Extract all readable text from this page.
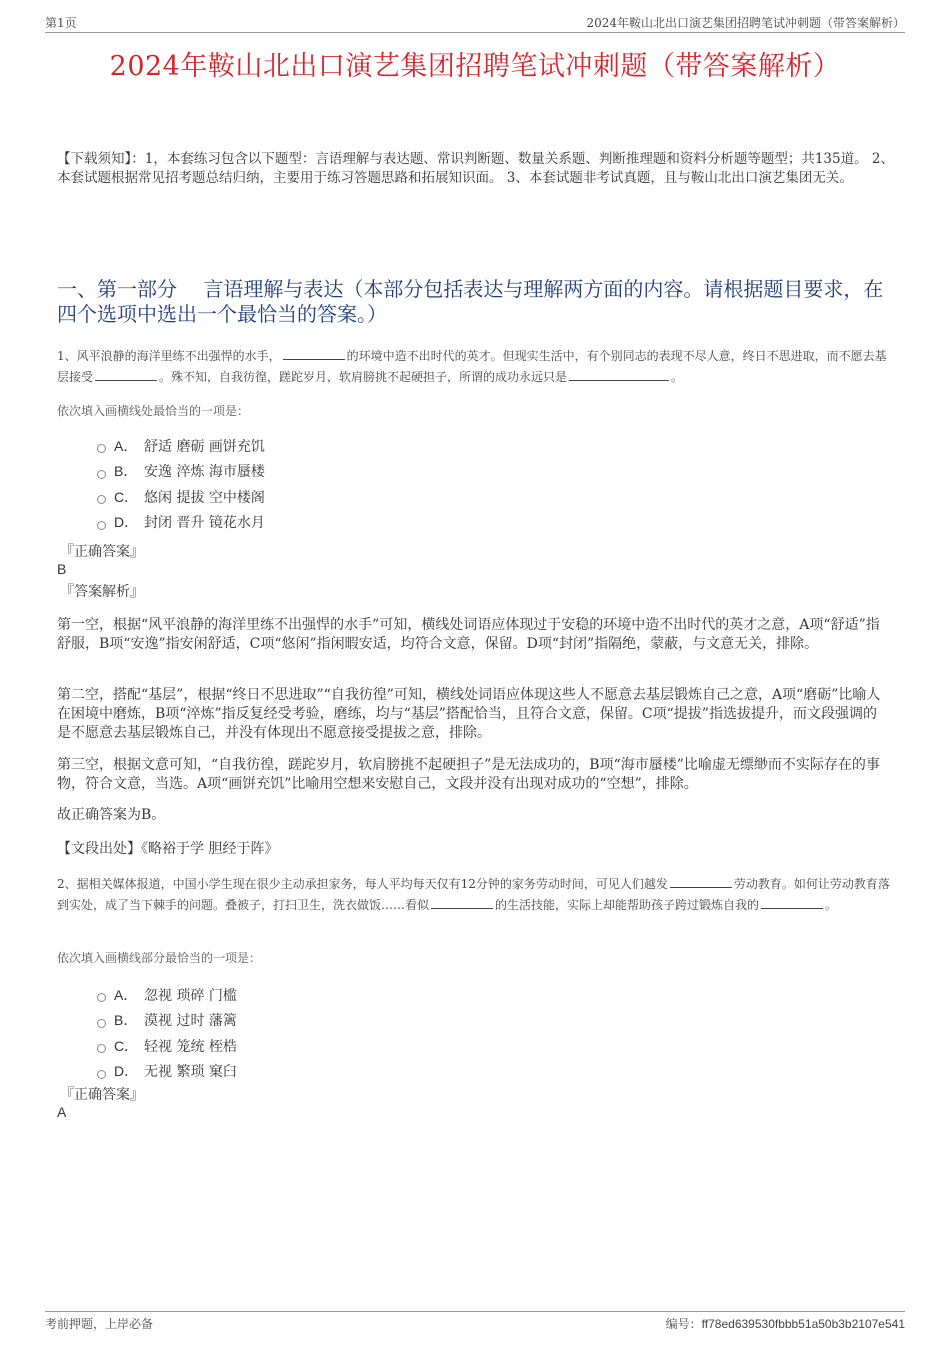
第1页	2024年鞍山北出口演艺集团招聘笔试冲刺题（带答案解析）
2024年鞍山北出口演艺集团招聘笔试冲刺题（带答案解析）
【下载须知】：1，本套练习包含以下题型：言语理解与表达题、常识判断题、数量关系题、判断推理题和资料分析题等题型；共135道。 2、本套试题根据常见招考题总结归纳，主要用于练习答题思路和拓展知识面。 3、本套试题非考试真题，且与鞍山北出口演艺集团无关。
一、第一部分　 言语理解与表达（本部分包括表达与理解两方面的内容。请根据题目要求，在四个选项中选出一个最恰当的答案。）
1、风平浪静的海洋里练不出强悍的水手，	的环境中造不出时代的英才。但现实生活中，有个别同志的表现不尽人意，终日不思进取，而不愿去基层接受	。殊不知，自我彷徨，蹉跎岁月，软肩膀挑不起硬担子，所谓的成功永远只是	。
依次填入画横线处最恰当的一项是：
A． 舒适 磨砺 画饼充饥
B． 安逸 淬炼 海市蜃楼
C． 悠闲 提拔 空中楼阁
D． 封闭 晋升 镜花水月
『正确答案』
B
『答案解析』
第一空，根据“风平浪静的海洋里练不出强悍的水手”可知，横线处词语应体现过于安稳的环境中造不出时代的英才之意，A项“舒适”指舒服，B项“安逸”指安闲舒适，C项“悠闲”指闲暇安适，均符合文意，保留。D项“封闭”指隔绝，蒙蔽，与文意无关，排除。
第二空，搭配“基层”，根据“终日不思进取”“自我彷徨”可知，横线处词语应体现这些人不愿意去基层锻炼自己之意，A项“磨砺”比喻人在困境中磨炼，B项“淬炼”指反复经受考验，磨练，均与“基层”搭配恰当，且符合文意，保留。C项“提拔”指选拔提升，而文段强调的是不愿意去基层锻炼自己，并没有体现出不愿意接受提拔之意，排除。
第三空，根据文意可知，“自我彷徨，蹉跎岁月，软肩膀挑不起硬担子”是无法成功的，B项“海市蜃楼”比喻虚无缥缈而不实际存在的事物，符合文意，当选。A项“画饼充饥”比喻用空想来安慰自己，文段并没有出现对成功的“空想”，排除。
故正确答案为B。
【文段出处】《略裕于学 胆经于阵》
2、据相关媒体报道，中国小学生现在很少主动承担家务，每人平均每天仅有12分钟的家务劳动时间，可见人们越发	劳动教育。如何让劳动教育落到实处，成了当下棘手的问题。叠被子，打扫卫生，洗衣做饭……看似	的生活技能，实际上却能帮助孩子跨过锻炼自我的	。
依次填入画横线部分最恰当的一项是：
A． 忽视 琐碎 门槛
B． 漠视 过时 藩篱
C． 轻视 笼统 桎梏
D． 无视 繁琐 窠臼
『正确答案』
A
考前押题，上岸必备	编号：ff78ed639530fbbb51a50b3b2107e541
